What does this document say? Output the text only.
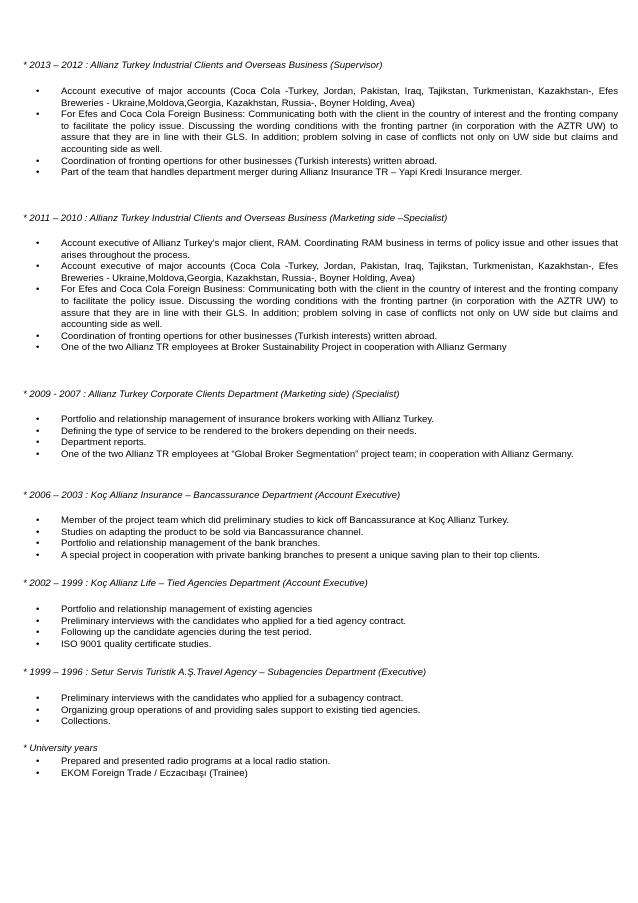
* 2013 – 2012 : Allianz Turkey Industrial Clients and Overseas Business (Supervisor)
• Account executive of major accounts (Coca Cola -Turkey, Jordan, Pakistan, Iraq, Tajikstan, Turkmenistan, Kazakhstan-, Efes Breweries - Ukraine,Moldova,Georgia, Kazakhstan, Russia-, Boyner Holding, Avea)
• For Efes and Coca Cola Foreign Business: Communicating both with the client in the country of interest and the fronting company to facilitate the policy issue. Discussing the wording conditions with the fronting partner (in corporation with the AZTR UW) to assure that they are in line with their GLS. In addition; problem solving in case of conflicts not only on UW side but claims and accounting side as well.
• Coordination of fronting opertions for other businesses (Turkish interests) written abroad.
• Part of the team that handles department merger during Allianz Insurance TR – Yapi Kredi Insurance merger.
* 2011 – 2010 : Allianz Turkey Industrial Clients and Overseas Business (Marketing side –Specialist)
• Account executive of Allianz Turkey's major client, RAM. Coordinating RAM business in terms of policy issue and other issues that arises throughout the process.
• Account executive of major accounts (Coca Cola -Turkey, Jordan, Pakistan, Iraq, Tajikstan, Turkmenistan, Kazakhstan-, Efes Breweries - Ukraine,Moldova,Georgia, Kazakhstan, Russia-, Boyner Holding, Avea)
• For Efes and Coca Cola Foreign Business: Communicating both with the client in the country of interest and the fronting company to facilitate the policy issue. Discussing the wording conditions with the fronting partner (in corporation with the AZTR UW) to assure that they are in line with their GLS. In addition; problem solving in case of conflicts not only on UW side but claims and accounting side as well.
• Coordination of fronting opertions for other businesses (Turkish interests) written abroad.
• One of the two Allianz TR employees at Broker Sustainability Project in cooperation with Allianz Germany
* 2009 - 2007 : Allianz Turkey Corporate Clients Department (Marketing side) (Specialist)
• Portfolio and relationship management of insurance brokers working with Allianz Turkey.
• Defining the type of service to be rendered to the brokers depending on their needs.
• Department reports.
• One of the two Allianz TR employees at “Global Broker Segmentation” project team; in cooperation with Allianz Germany.
* 2006 – 2003 : Koç Allianz Insurance – Bancassurance Department (Account Executive)
• Member of the project team which did preliminary studies to kick off Bancassurance at Koç Allianz Turkey.
• Studies on adapting the product to be sold via Bancassurance channel.
• Portfolio and relationship management of the bank branches.
• A special project in cooperation with private banking branches to present a unique saving plan to their top clients.
* 2002 – 1999 : Koç Allianz Life – Tied Agencies Department (Account Executive)
• Portfolio and relationship management of existing agencies
• Preliminary interviews with the candidates who applied for a tied agency contract.
• Following up the candidate agencies during the test period.
• ISO 9001 quality certificate studies.
* 1999 – 1996 : Setur Servis Turistik A.Ş.Travel Agency – Subagencies Department (Executive)
• Preliminary interviews with the candidates who applied for a subagency contract.
• Organizing group operations of and providing sales support to existing tied agencies.
• Collections.
* University years
• Prepared and presented radio programs at a local radio station.
• EKOM Foreign Trade / Eczacıbaşı (Trainee)
